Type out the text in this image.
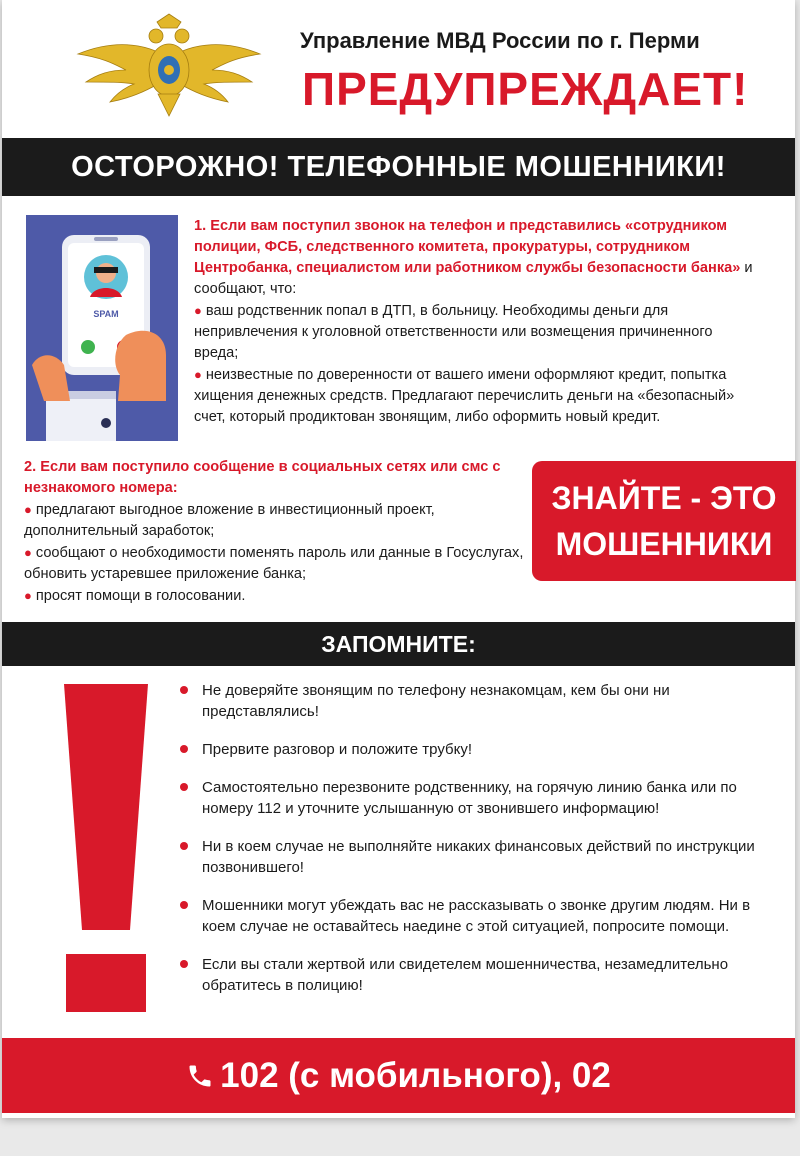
Управление МВД России по г. Перми
ПРЕДУПРЕЖДАЕТ!
ОСТОРОЖНО! ТЕЛЕФОННЫЕ МОШЕННИКИ!
SPAM
1. Если вам поступил звонок на телефон и представились «сотрудником полиции, ФСБ, следственного комитета, прокуратуры, сотрудником Центробанка, специалистом или работником службы безопасности банка» и сообщают, что:
● ваш родственник попал в ДТП, в больницу. Необходимы деньги для непривлечения к уголовной ответственности или возмещения причиненного вреда;
● неизвестные по доверенности от вашего имени оформляют кредит, попытка хищения денежных средств. Предлагают перечислить деньги на «безопасный» счет, который продиктован звонящим, либо оформить новый кредит.
2. Если вам поступило сообщение в социальных сетях или смс с незнакомого номера:
● предлагают выгодное вложение в инвестиционный проект, дополнительный заработок;
● сообщают о необходимости поменять пароль или данные в Госуслугах, обновить устаревшее приложение банка;
● просят помощи в голосовании.
ЗНАЙТЕ - ЭТО
МОШЕННИКИ
ЗАПОМНИТЕ:
Не доверяйте звонящим по телефону незнакомцам, кем бы они ни представлялись!
Прервите разговор и положите трубку!
Самостоятельно перезвоните родственнику, на горячую линию банка или по номеру 112 и уточните услышанную от звонившего информацию!
Ни в коем случае не выполняйте никаких финансовых действий по инструкции позвонившего!
Мошенники могут убеждать вас не рассказывать о звонке другим людям. Ни в коем случае не оставайтесь наедине с этой ситуацией, попросите помощи.
Если вы стали жертвой или свидетелем мошенничества, незамедлительно обратитесь в полицию!
102 (с мобильного), 02
